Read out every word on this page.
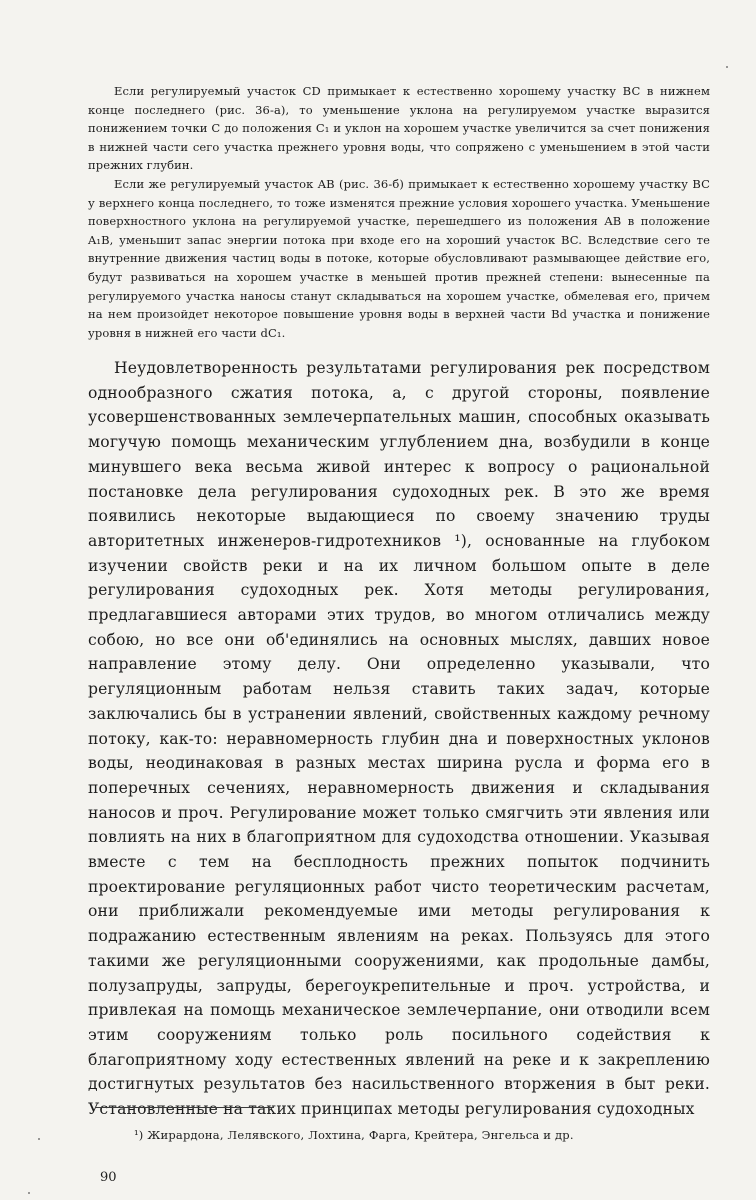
Если регулируемый участок CD примыкает к естественно хорошему участку BC в нижнем конце последнего (рис. 36-а), то уменьшение уклона на регулируемом участке выразится понижением точки C до положения C₁ и уклон на хорошем участке увеличится за счет понижения в нижней части сего участка прежнего уровня воды, что сопряжено с уменьшением в этой части прежних глубин.

Если же регулируемый участок AB (рис. 36-б) примыкает к естественно хорошему участку BC у верхнего конца последнего, то тоже изменятся прежние условия хорошего участка. Уменьшение поверхностного уклона на регулируемой участке, перешедшего из положения AB в положение A₁B, уменьшит запас энергии потока при входе его на хороший участок BC. Вследствие сего те внутренние движения частиц воды в потоке, которые обусловливают размывающее действие его, будут развиваться на хорошем участке в меньшей против прежней степени: вынесенные па регулируемого участка наносы станут складываться на хорошем участке, обмелевая его, причем на нем произойдет некоторое повышение уровня воды в верхней части Bd участка и понижение уровня в нижней его части dC₁.

Неудовлетворенность результатами регулирования рек посредством однообразного сжатия потока, а, с другой стороны, появление усовершенствованных землечерпательных машин, способных оказывать могучую помощь механическим углублением дна, возбудили в конце минувшего века весьма живой интерес к вопросу о рациональной постановке дела регулирования судоходных рек. В это же время появились некоторые выдающиеся по своему значению труды авторитетных инженеров-гидротехников ¹), основанные на глубоком изучении свойств реки и на их личном большом опыте в деле регулирования судоходных рек. Хотя методы регулирования, предлагавшиеся авторами этих трудов, во многом отличались между собою, но все они об'единялись на основных мыслях, давших новое направление этому делу. Они определенно указывали, что регуляционным работам нельзя ставить таких задач, которые заключались бы в устранении явлений, свойственных каждому речному потоку, как-то: неравномерность глубин дна и поверхностных уклонов воды, неодинаковая в разных местах ширина русла и форма его в поперечных сечениях, неравномерность движения и складывания наносов и проч. Регулирование может только смягчить эти явления или повлиять на них в благоприятном для судоходства отношении. Указывая вместе с тем на бесплодность прежних попыток подчинить проектирование регуляционных работ чисто теоретическим расчетам, они приближали рекомендуемые ими методы регулирования к подражанию естественным явлениям на реках. Пользуясь для этого такими же регуляционными сооружениями, как продольные дамбы, полузапруды, запруды, берегоукрепительные и проч. устройства, и привлекая на помощь механическое землечерпание, они отводили всем этим сооружениям только роль посильного содействия к благоприятному ходу естественных явлений на реке и к закреплению достигнутых результатов без насильственного вторжения в быт реки. Установленные на таких принципах методы регулирования судоходных

¹) Жирардона, Лелявского, Лохтина, Фарга, Крейтера, Энгельса и др.

90
